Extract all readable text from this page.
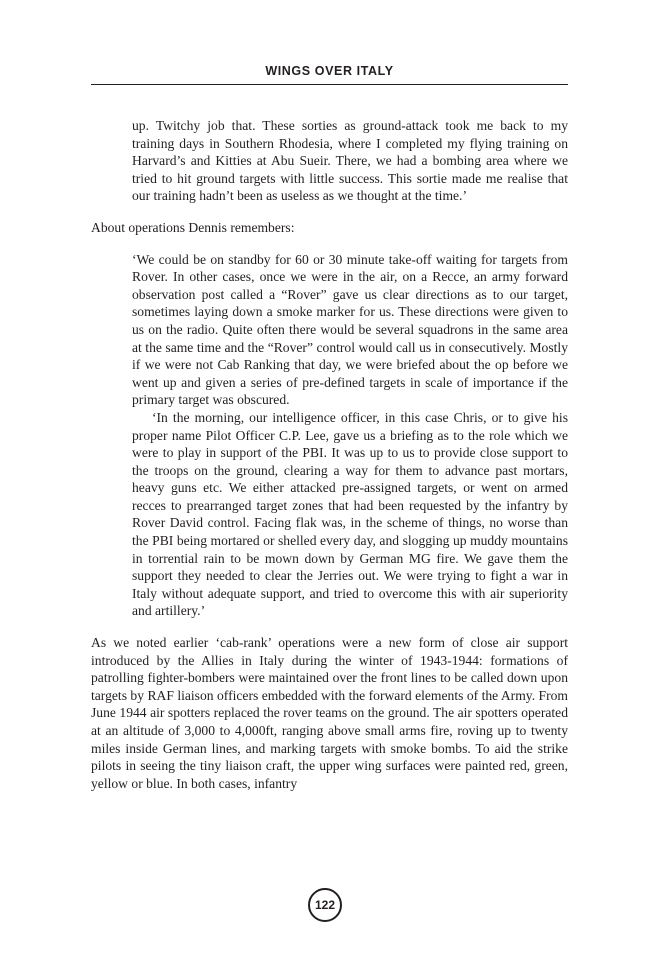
WINGS OVER ITALY

up. Twitchy job that. These sorties as ground-attack took me back to my training days in Southern Rhodesia, where I completed my flying training on Harvard’s and Kitties at Abu Sueir. There, we had a bombing area where we tried to hit ground targets with little success. This sortie made me realise that our training hadn’t been as useless as we thought at the time.’

About operations Dennis remembers:

‘We could be on standby for 60 or 30 minute take-off waiting for targets from Rover. In other cases, once we were in the air, on a Recce, an army forward observation post called a “Rover” gave us clear directions as to our target, sometimes laying down a smoke marker for us. These directions were given to us on the radio. Quite often there would be several squadrons in the same area at the same time and the “Rover” control would call us in consecutively. Mostly if we were not Cab Ranking that day, we were briefed about the op before we went up and given a series of pre-defined targets in scale of importance if the primary target was obscured.

‘In the morning, our intelligence officer, in this case Chris, or to give his proper name Pilot Officer C.P. Lee, gave us a briefing as to the role which we were to play in support of the PBI. It was up to us to provide close support to the troops on the ground, clearing a way for them to advance past mortars, heavy guns etc. We either attacked pre-assigned targets, or went on armed recces to prearranged target zones that had been requested by the infantry by Rover David control. Facing flak was, in the scheme of things, no worse than the PBI being mortared or shelled every day, and slogging up muddy mountains in torrential rain to be mown down by German MG fire. We gave them the support they needed to clear the Jerries out. We were trying to fight a war in Italy without adequate support, and tried to overcome this with air superiority and artillery.’

As we noted earlier ‘cab-rank’ operations were a new form of close air support introduced by the Allies in Italy during the winter of 1943-1944: formations of patrolling fighter-bombers were maintained over the front lines to be called down upon targets by RAF liaison officers embedded with the forward elements of the Army. From June 1944 air spotters replaced the rover teams on the ground. The air spotters operated at an altitude of 3,000 to 4,000ft, ranging above small arms fire, roving up to twenty miles inside German lines, and marking targets with smoke bombs. To aid the strike pilots in seeing the tiny liaison craft, the upper wing surfaces were painted red, green, yellow or blue. In both cases, infantry

122
